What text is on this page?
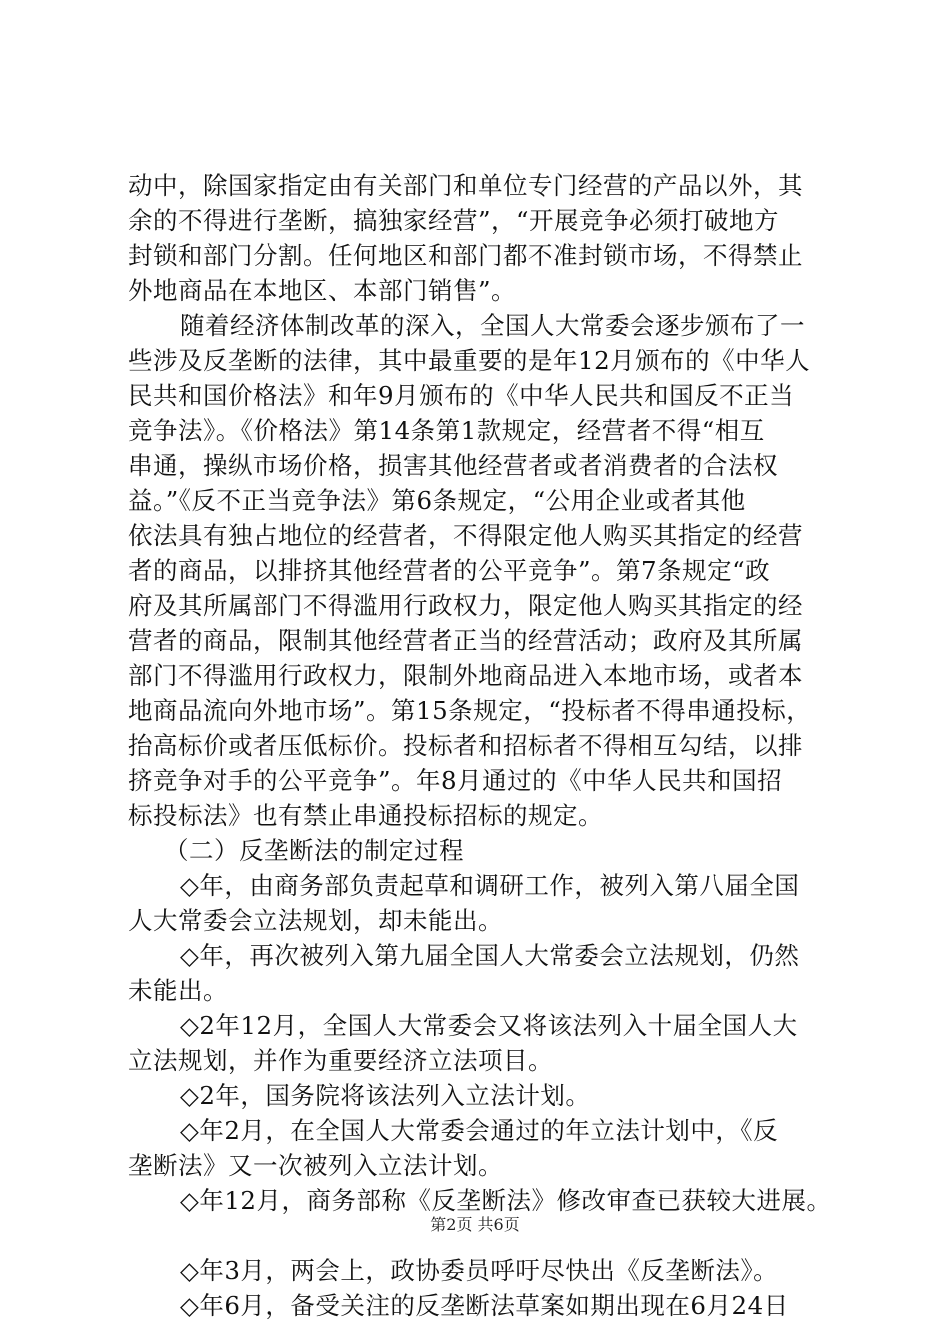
动中，除国家指定由有关部门和单位专门经营的产品以外，其
余的不得进行垄断，搞独家经营”，“开展竞争必须打破地方
封锁和部门分割。任何地区和部门都不准封锁市场，不得禁止
外地商品在本地区、本部门销售”。
随着经济体制改革的深入，全国人大常委会逐步颁布了一
些涉及反垄断的法律，其中最重要的是年12月颁布的《中华人
民共和国价格法》和年9月颁布的《中华人民共和国反不正当
竞争法》。《价格法》第14条第1款规定，经营者不得“相互
串通，操纵市场价格，损害其他经营者或者消费者的合法权
益。”《反不正当竞争法》第6条规定，“公用企业或者其他
依法具有独占地位的经营者，不得限定他人购买其指定的经营
者的商品，以排挤其他经营者的公平竞争”。第7条规定“政
府及其所属部门不得滥用行政权力，限定他人购买其指定的经
营者的商品，限制其他经营者正当的经营活动；政府及其所属
部门不得滥用行政权力，限制外地商品进入本地市场，或者本
地商品流向外地市场”。第15条规定，“投标者不得串通投标，
抬高标价或者压低标价。投标者和招标者不得相互勾结，以排
挤竞争对手的公平竞争”。年8月通过的《中华人民共和国招
标投标法》也有禁止串通投标招标的规定。
（二）反垄断法的制定过程
◇年，由商务部负责起草和调研工作，被列入第八届全国
人大常委会立法规划，却未能出。
◇年，再次被列入第九届全国人大常委会立法规划，仍然
未能出。
◇2年12月，全国人大常委会又将该法列入十届全国人大
立法规划，并作为重要经济立法项目。
◇2年，国务院将该法列入立法计划。
◇年2月，在全国人大常委会通过的年立法计划中，《反
垄断法》又一次被列入立法计划。
◇年12月，商务部称《反垄断法》修改审查已获较大进展。
◇年3月，两会上，政协委员呼吁尽快出《反垄断法》。
◇年6月，备受关注的反垄断法草案如期出现在6月24日
第2页 共6页
